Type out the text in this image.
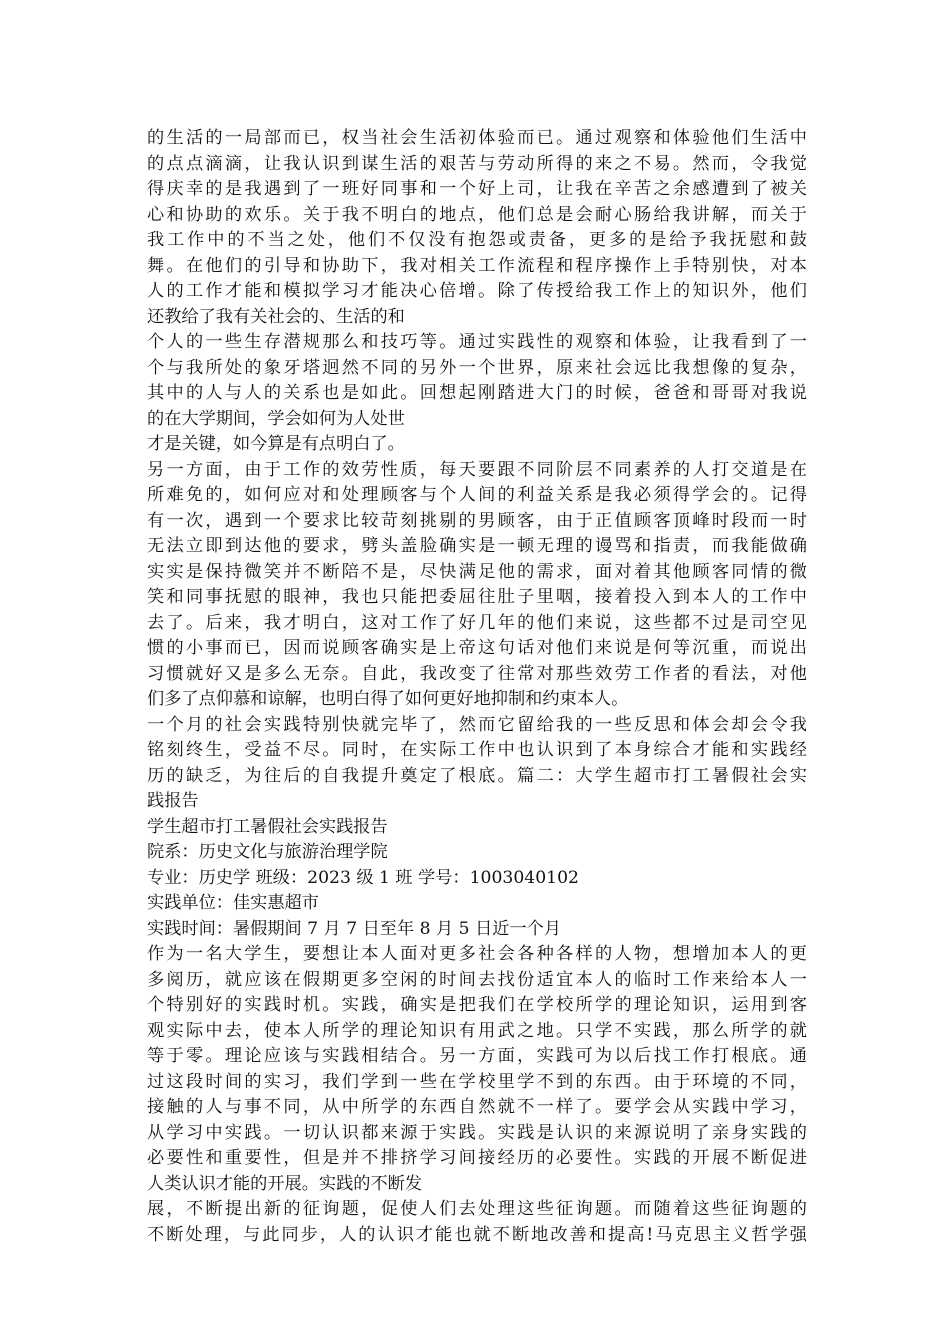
的生活的一局部而已，权当社会生活初体验而已。通过观察和体验他们生活中
的点点滴滴，让我认识到谋生活的艰苦与劳动所得的来之不易。然而，令我觉
得庆幸的是我遇到了一班好同事和一个好上司，让我在辛苦之余感遭到了被关
心和协助的欢乐。关于我不明白的地点，他们总是会耐心肠给我讲解，而关于
我工作中的不当之处，他们不仅没有抱怨或责备，更多的是给予我抚慰和鼓
舞。在他们的引导和协助下，我对相关工作流程和程序操作上手特别快，对本
人的工作才能和模拟学习才能决心倍增。除了传授给我工作上的知识外，他们
还教给了我有关社会的、生活的和
个人的一些生存潜规那么和技巧等。通过实践性的观察和体验，让我看到了一
个与我所处的象牙塔迥然不同的另外一个世界，原来社会远比我想像的复杂，
其中的人与人的关系也是如此。回想起刚踏进大门的时候，爸爸和哥哥对我说
的在大学期间，学会如何为人处世
才是关键，如今算是有点明白了。
另一方面，由于工作的效劳性质，每天要跟不同阶层不同素养的人打交道是在
所难免的，如何应对和处理顾客与个人间的利益关系是我必须得学会的。记得
有一次，遇到一个要求比较苛刻挑剔的男顾客，由于正值顾客顶峰时段而一时
无法立即到达他的要求，劈头盖脸确实是一顿无理的谩骂和指责，而我能做确
实实是保持微笑并不断陪不是，尽快满足他的需求，面对着其他顾客同情的微
笑和同事抚慰的眼神，我也只能把委屈往肚子里咽，接着投入到本人的工作中
去了。后来，我才明白，这对工作了好几年的他们来说，这些都不过是司空见
惯的小事而已，因而说顾客确实是上帝这句话对他们来说是何等沉重，而说出
习惯就好又是多么无奈。自此，我改变了往常对那些效劳工作者的看法，对他
们多了点仰慕和谅解，也明白得了如何更好地抑制和约束本人。
一个月的社会实践特别快就完毕了，然而它留给我的一些反思和体会却会令我
铭刻终生，受益不尽。同时，在实际工作中也认识到了本身综合才能和实践经
历的缺乏，为往后的自我提升奠定了根底。篇二：大学生超市打工暑假社会实
践报告
学生超市打工暑假社会实践报告
院系：历史文化与旅游治理学院
专业：历史学 班级：2023 级 1 班 学号：1003040102
实践单位：佳实惠超市
实践时间：暑假期间 7 月 7 日至年 8 月 5 日近一个月
作为一名大学生，要想让本人面对更多社会各种各样的人物，想增加本人的更
多阅历，就应该在假期更多空闲的时间去找份适宜本人的临时工作来给本人一
个特别好的实践时机。实践，确实是把我们在学校所学的理论知识，运用到客
观实际中去，使本人所学的理论知识有用武之地。只学不实践，那么所学的就
等于零。理论应该与实践相结合。另一方面，实践可为以后找工作打根底。通
过这段时间的实习，我们学到一些在学校里学不到的东西。由于环境的不同，
接触的人与事不同，从中所学的东西自然就不一样了。要学会从实践中学习，
从学习中实践。一切认识都来源于实践。实践是认识的来源说明了亲身实践的
必要性和重要性，但是并不排挤学习间接经历的必要性。实践的开展不断促进
人类认识才能的开展。实践的不断发
展，不断提出新的征询题，促使人们去处理这些征询题。而随着这些征询题的
不断处理，与此同步，人的认识才能也就不断地改善和提高!马克思主义哲学强
